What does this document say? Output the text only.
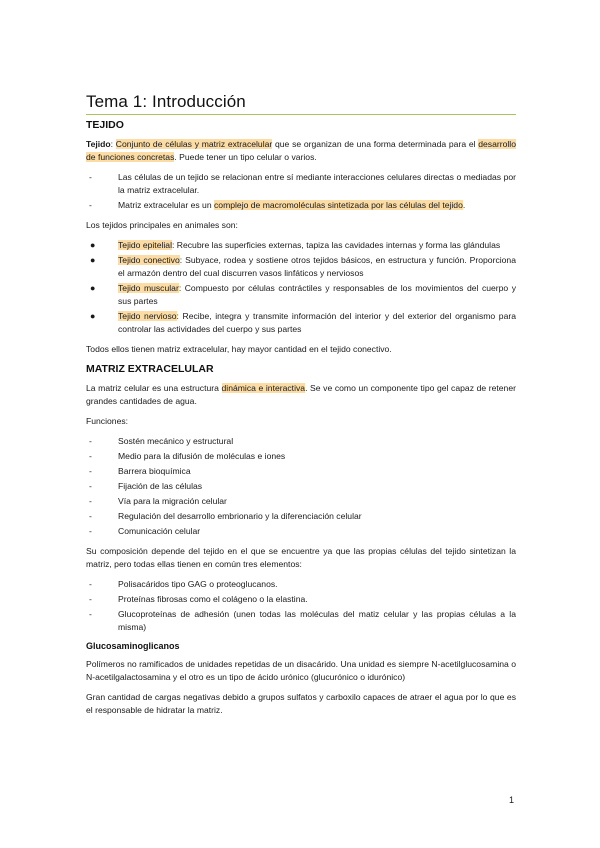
Tema 1: Introducción
TEJIDO

Tejido: Conjunto de células y matriz extracelular que se organizan de una forma determinada para el desarrollo de funciones concretas. Puede tener un tipo celular o varios.

-	Las células de un tejido se relacionan entre sí mediante interacciones celulares directas o mediadas por la matriz extracelular.
-	Matriz extracelular es un complejo de macromoléculas sintetizada por las células del tejido.

Los tejidos principales en animales son:

●	Tejido epitelial: Recubre las superficies externas, tapiza las cavidades internas y forma las glándulas
●	Tejido conectivo: Subyace, rodea y sostiene otros tejidos básicos, en estructura y función. Proporciona el armazón dentro del cual discurren vasos linfáticos y nerviosos
●	Tejido muscular: Compuesto por células contráctiles y responsables de los movimientos del cuerpo y sus partes
●	Tejido nervioso: Recibe, integra y transmite información del interior y del exterior del organismo para controlar las actividades del cuerpo y sus partes

Todos ellos tienen matriz extracelular, hay mayor cantidad en el tejido conectivo.

MATRIZ EXTRACELULAR

La matriz celular es una estructura dinámica e interactiva. Se ve como un componente tipo gel capaz de retener grandes cantidades de agua.

Funciones:

-	Sostén mecánico y estructural
-	Medio para la difusión de moléculas e iones
-	Barrera bioquímica
-	Fijación de las células
-	Vía para la migración celular
-	Regulación del desarrollo embrionario y la diferenciación celular
-	Comunicación celular

Su composición depende del tejido en el que se encuentre ya que las propias células del tejido sintetizan la matriz, pero todas ellas tienen en común tres elementos:

-	Polisacáridos tipo GAG o proteoglucanos.
-	Proteínas fibrosas como el colágeno o la elastina.
-	Glucoproteínas de adhesión (unen todas las moléculas del matiz celular y las propias células a la misma)
Glucosaminoglicanos

Polímeros no ramificados de unidades repetidas de un disacárido. Una unidad es siempre N-acetilglucosamina o N-acetilgalactosamina y el otro es un tipo de ácido urónico (glucurónico o idurónico)

Gran cantidad de cargas negativas debido a grupos sulfatos y carboxilo capaces de atraer el agua por lo que es el responsable de hidratar la matriz.

1
